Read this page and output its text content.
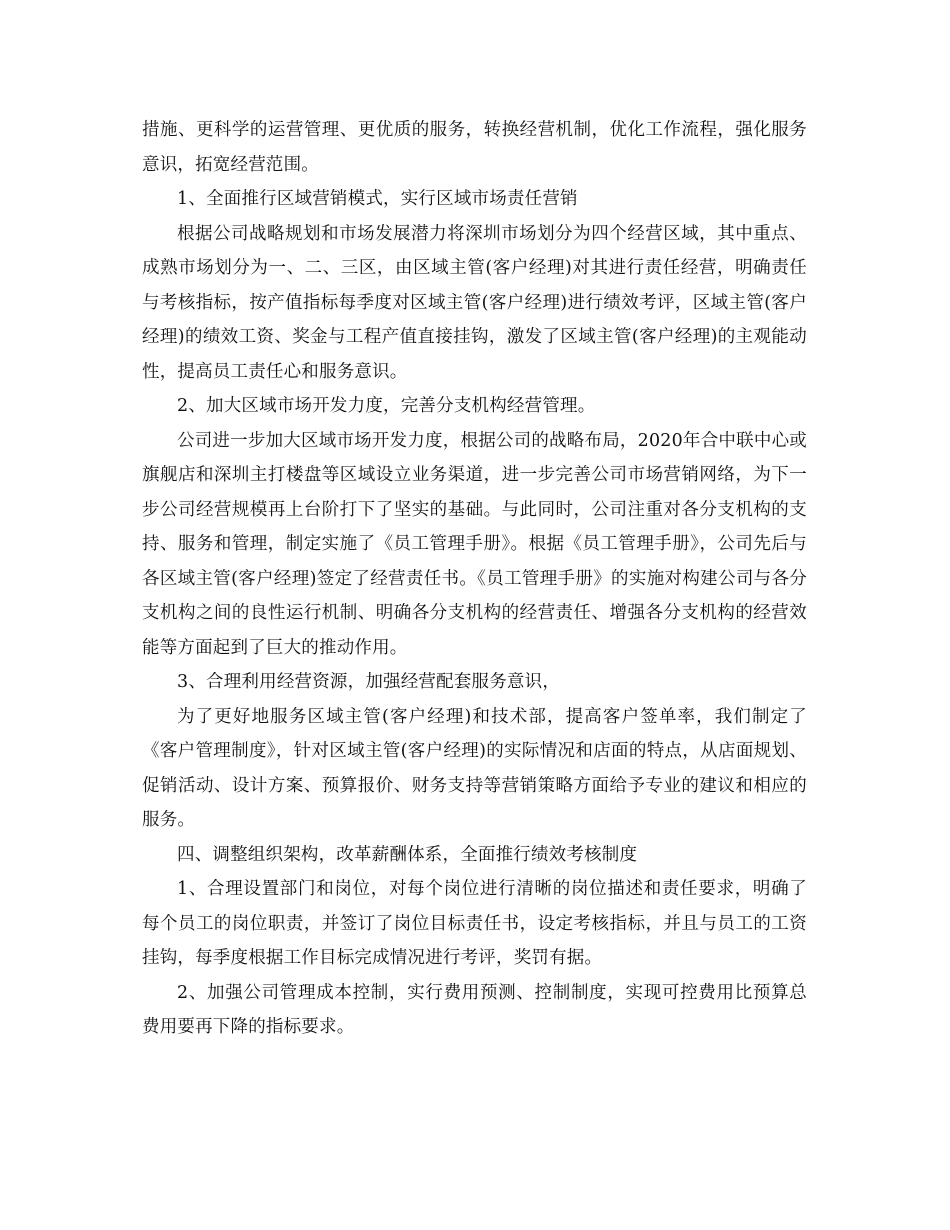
措施、更科学的运营管理、更优质的服务，转换经营机制，优化工作流程，强化服务意识，拓宽经营范围。

1、全面推行区域营销模式，实行区域市场责任营销

根据公司战略规划和市场发展潜力将深圳市场划分为四个经营区域，其中重点、成熟市场划分为一、二、三区，由区域主管(客户经理)对其进行责任经营，明确责任与考核指标，按产值指标每季度对区域主管(客户经理)进行绩效考评，区域主管(客户经理)的绩效工资、奖金与工程产值直接挂钩，激发了区域主管(客户经理)的主观能动性，提高员工责任心和服务意识。

2、加大区域市场开发力度，完善分支机构经营管理。

公司进一步加大区域市场开发力度，根据公司的战略布局，2020年合中联中心或旗舰店和深圳主打楼盘等区域设立业务渠道，进一步完善公司市场营销网络，为下一步公司经营规模再上台阶打下了坚实的基础。与此同时，公司注重对各分支机构的支持、服务和管理，制定实施了《员工管理手册》。根据《员工管理手册》，公司先后与各区域主管(客户经理)签定了经营责任书。《员工管理手册》的实施对构建公司与各分支机构之间的良性运行机制、明确各分支机构的经营责任、增强各分支机构的经营效能等方面起到了巨大的推动作用。

3、合理利用经营资源，加强经营配套服务意识，

为了更好地服务区域主管(客户经理)和技术部，提高客户签单率，我们制定了《客户管理制度》，针对区域主管(客户经理)的实际情况和店面的特点，从店面规划、促销活动、设计方案、预算报价、财务支持等营销策略方面给予专业的建议和相应的服务。

四、调整组织架构，改革薪酬体系，全面推行绩效考核制度

1、合理设置部门和岗位，对每个岗位进行清晰的岗位描述和责任要求，明确了每个员工的岗位职责，并签订了岗位目标责任书，设定考核指标，并且与员工的工资挂钩，每季度根据工作目标完成情况进行考评，奖罚有据。

2、加强公司管理成本控制，实行费用预测、控制制度，实现可控费用比预算总费用要再下降的指标要求。
